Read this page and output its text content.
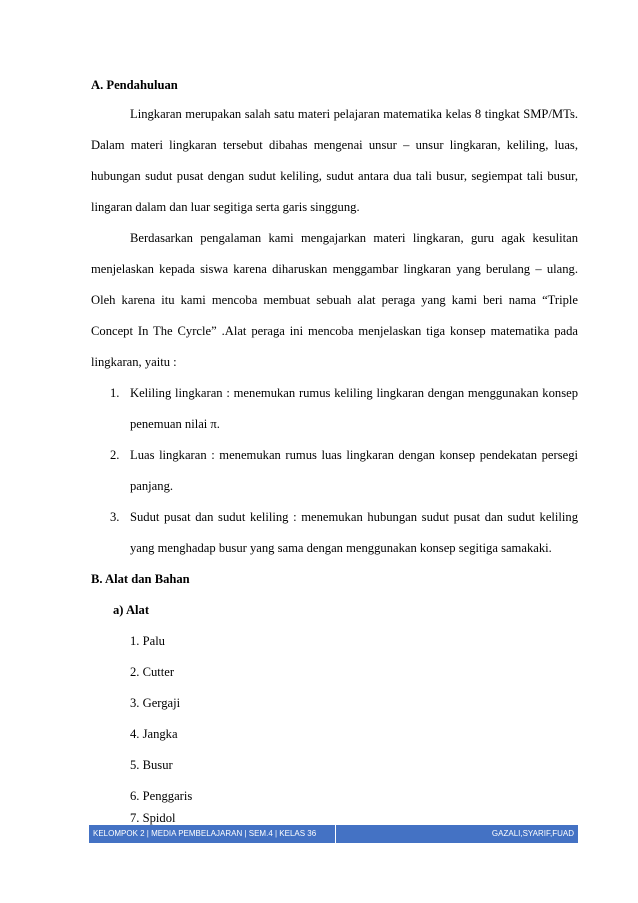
A. Pendahuluan
Lingkaran merupakan salah satu materi pelajaran matematika kelas 8 tingkat SMP/MTs.
Dalam materi lingkaran tersebut dibahas mengenai unsur – unsur lingkaran, keliling, luas,
hubungan sudut pusat dengan sudut keliling, sudut antara dua tali busur, segiempat tali busur,
lingaran dalam dan luar segitiga serta garis singgung.
Berdasarkan pengalaman kami mengajarkan materi lingkaran, guru agak kesulitan
menjelaskan kepada siswa karena diharuskan menggambar lingkaran yang berulang – ulang.
Oleh karena itu kami mencoba membuat sebuah alat peraga yang kami beri nama “Triple
Concept In The Cyrcle” .Alat peraga ini mencoba menjelaskan tiga konsep matematika pada
lingkaran, yaitu :
1. Keliling lingkaran : menemukan rumus keliling lingkaran dengan menggunakan konsep
penemuan nilai π.
2. Luas lingkaran : menemukan rumus luas lingkaran dengan konsep pendekatan persegi
panjang.
3. Sudut pusat dan sudut keliling : menemukan hubungan sudut pusat dan sudut keliling
yang menghadap busur yang sama dengan menggunakan konsep segitiga samakaki.
B. Alat dan Bahan
a) Alat
1. Palu
2. Cutter
3. Gergaji
4. Jangka
5. Busur
6. Penggaris
7. Spidol
KELOMPOK 2 | MEDIA PEMBELAJARAN | SEM.4 | KELAS 36	GAZALI,SYARIF,FUAD
